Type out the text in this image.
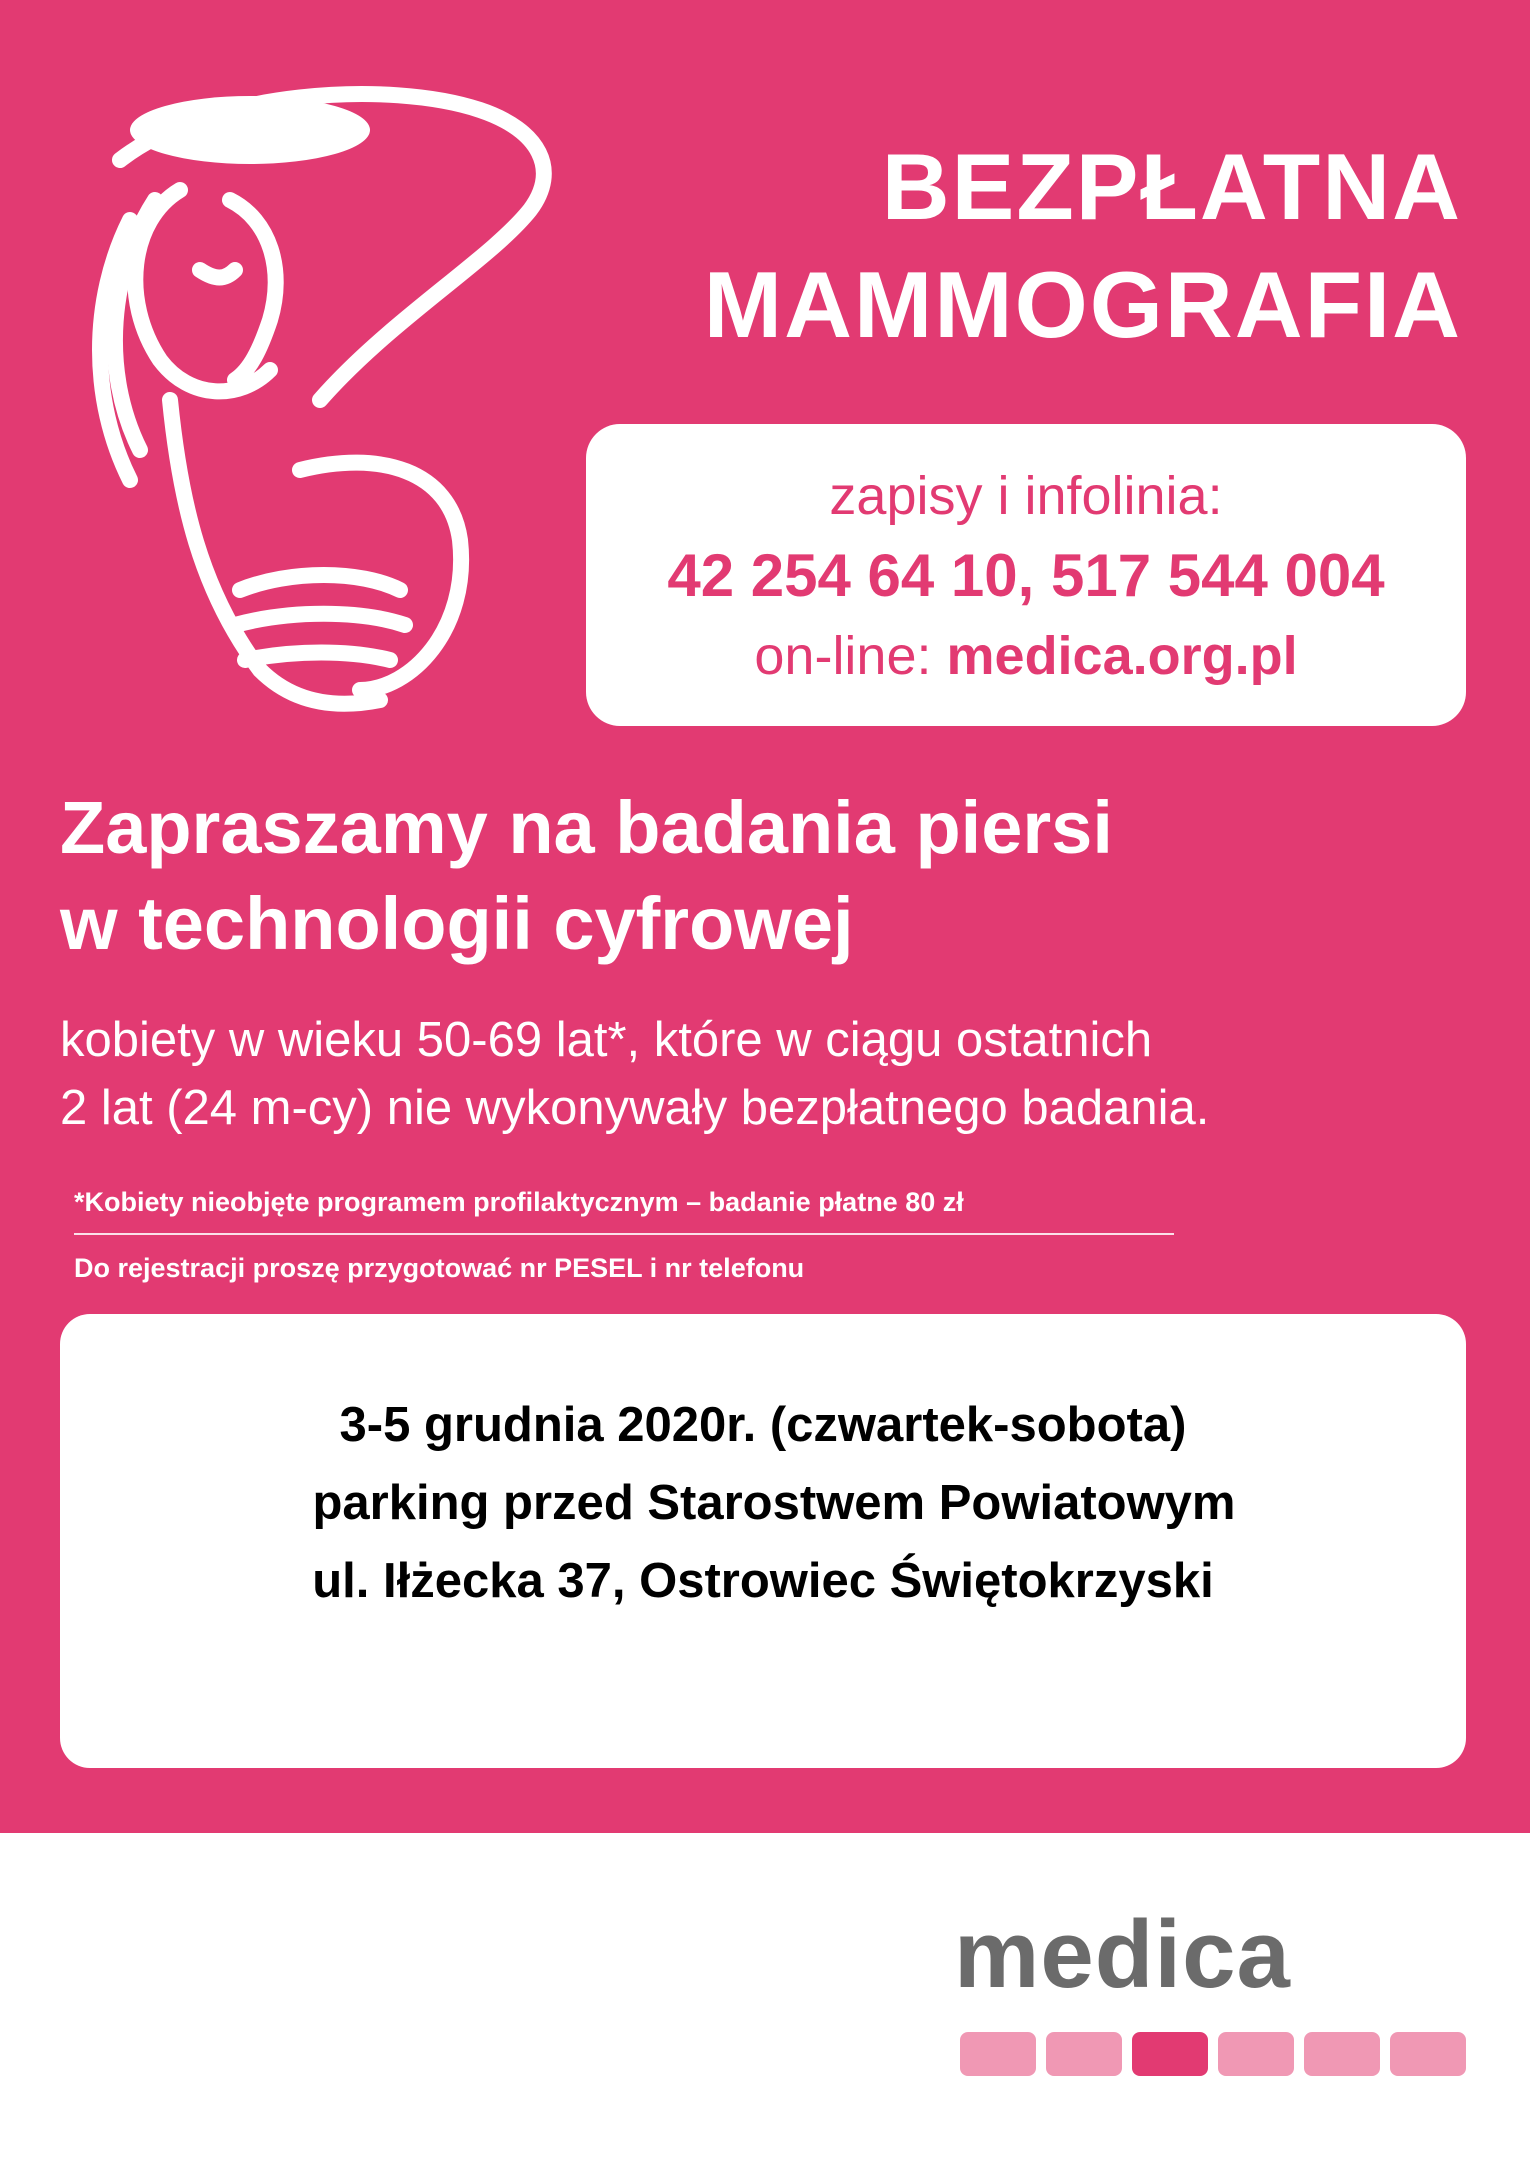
BEZPŁATNA
MAMMOGRAFIA
zapisy i infolinia:
42 254 64 10, 517 544 004
on-line: medica.org.pl
Zapraszamy na badania piersi
w technologii cyfrowej
kobiety w wieku 50-69 lat*, które w ciągu ostatnich
2 lat (24 m-cy) nie wykonywały bezpłatnego badania.
*Kobiety nieobjęte programem profilaktycznym – badanie płatne 80 zł
Do rejestracji proszę przygotować nr PESEL i nr telefonu
3-5 grudnia 2020r. (czwartek-sobota)
parking przed Starostwem Powiatowym
ul. Iłżecka 37, Ostrowiec Świętokrzyski
medica
